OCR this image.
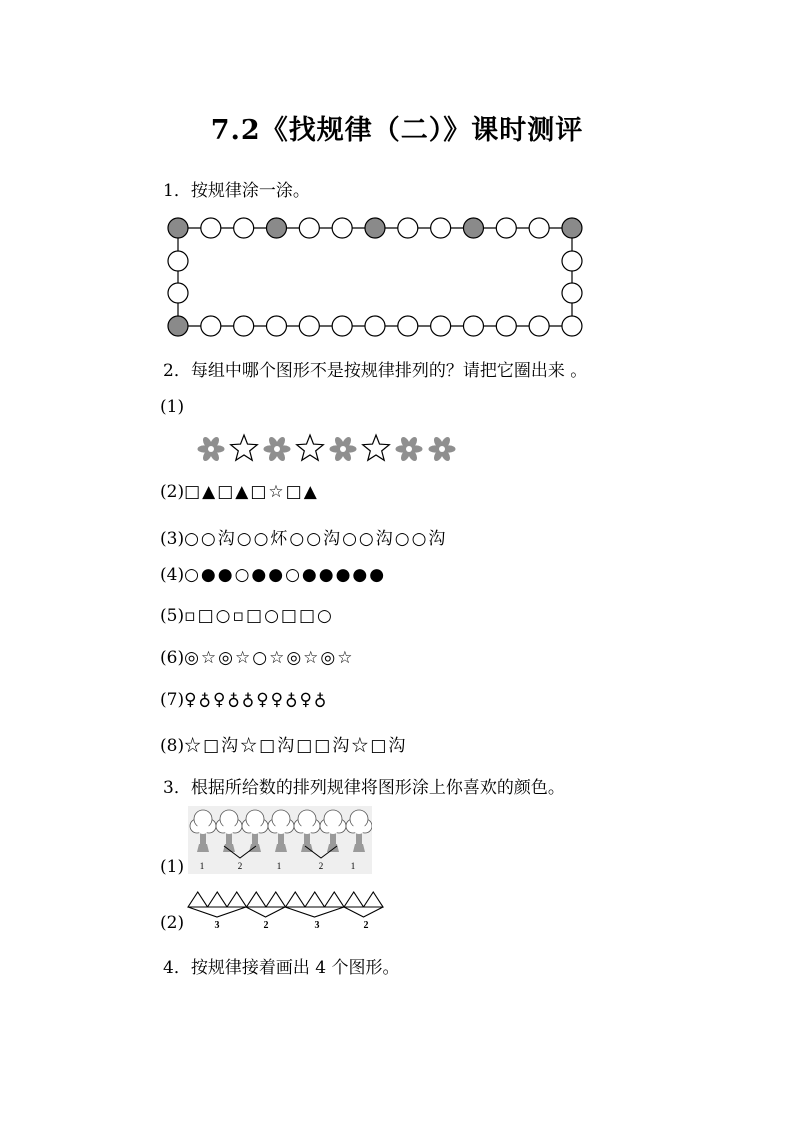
7.2《找规律（二）》课时测评
1．按规律涂一涂。
2．每组中哪个图形不是按规律排列的？请把它圈出来 。
(1)
(2)□▲□▲□☆□▲
(3)○○沟○○炋○○沟○○沟○○沟
(4)○●●○●●○●●●●●
(5)▫□○▫□○□□○
(6)◎☆◎☆○☆◎☆◎☆
(7)♀♁♀♁♁♀♀♁♀♁
(8)☆□沟☆□沟□□沟☆□沟
3．根据所给数的排列规律将图形涂上你喜欢的颜色。
1	2	1	2	1
(1)
3	2	3	2
(2)
4．按规律接着画出 4 个图形。
